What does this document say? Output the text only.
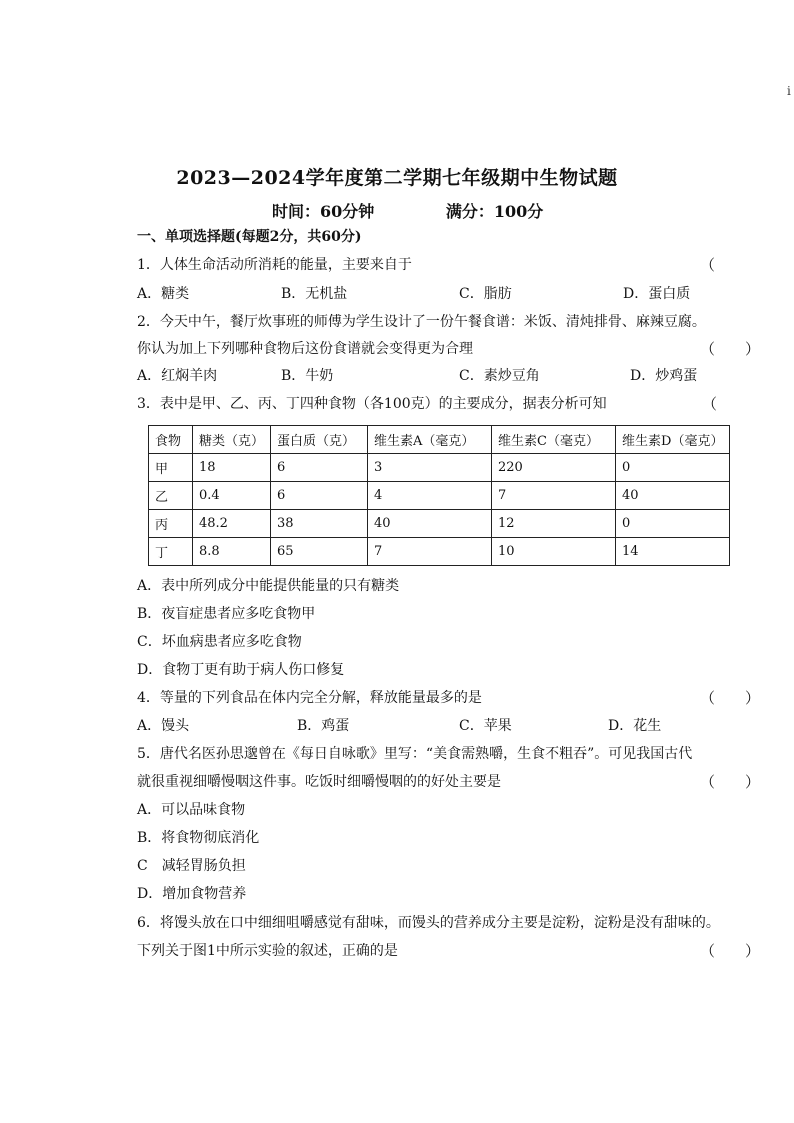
i
2023—2024学年度第二学期七年级期中生物试题
时间：60分钟	满分：100分
一、单项选择题(每题2分，共60分)
1．人体生命活动所消耗的能量，主要来自于	（
A．糖类	B．无机盐	C．脂肪	D．蛋白质
2．今天中午，餐厅炊事班的师傅为学生设计了一份午餐食谱：米饭、清炖排骨、麻辣豆腐。
你认为加上下列哪种食物后这份食谱就会变得更为合理	（　　）
A．红焖羊肉	B．牛奶	C．素炒豆角	D．炒鸡蛋
3．表中是甲、乙、丙、丁四种食物（各100克）的主要成分，据表分析可知	（
食物	糖类（克）	蛋白质（克）	维生素A（毫克）	维生素C（毫克）	维生素D（毫克）
甲	18	6	3	220	0
乙	0.4	6	4	7	40
丙	48.2	38	40	12	0
丁	8.8	65	7	10	14
A．表中所列成分中能提供能量的只有糖类
B．夜盲症患者应多吃食物甲
C．坏血病患者应多吃食物
D．食物丁更有助于病人伤口修复
4．等量的下列食品在体内完全分解，释放能量最多的是	（　　）
A．馒头	B．鸡蛋	C．苹果	D．花生
5．唐代名医孙思邈曾在《每日自咏歌》里写：“美食需熟嚼，生食不粗吞”。可见我国古代
就很重视细嚼慢咽这件事。吃饭时细嚼慢咽的的好处主要是	（　　）
A．可以品味食物
B．将食物彻底消化
C　减轻胃肠负担
D．增加食物营养
6．将馒头放在口中细细咀嚼感觉有甜味，而馒头的营养成分主要是淀粉，淀粉是没有甜味的。
下列关于图1中所示实验的叙述，正确的是	（　　）
